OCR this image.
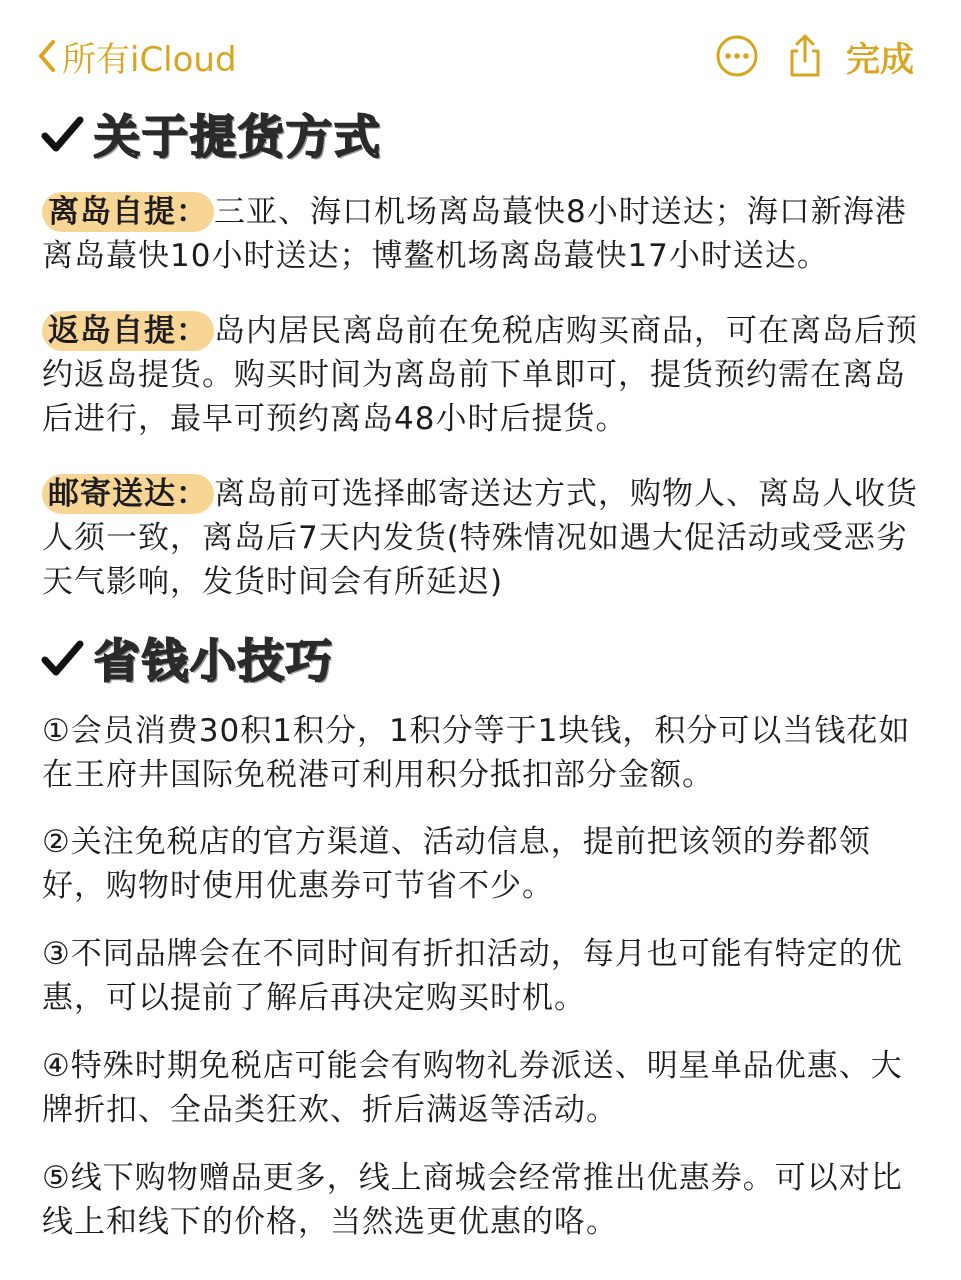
所有iCloud	完成
关于提货方式
离岛自提： 三亚、海口机场离岛蕞快8小时送达；海口新海港离岛蕞快10小时送达；博鳌机场离岛蕞快17小时送达。
返岛自提： 岛内居民离岛前在免税店购买商品，可在离岛后预约返岛提货。购买时间为离岛前下单即可，提货预约需在离岛后进行，最早可预约离岛48小时后提货。
邮寄送达： 离岛前可选择邮寄送达方式，购物人、离岛人收货人须一致，离岛后7天内发货(特殊情况如遇大促活动或受恶劣天气影响，发货时间会有所延迟)
省钱小技巧
①会员消费30积1积分，1积分等于1块钱，积分可以当钱花如在王府井国际免税港可利用积分抵扣部分金额。
②关注免税店的官方渠道、活动信息，提前把该领的券都领好，购物时使用优惠券可节省不少。
③不同品牌会在不同时间有折扣活动，每月也可能有特定的优惠，可以提前了解后再决定购买时机。
④特殊时期免税店可能会有购物礼券派送、明星单品优惠、大牌折扣、全品类狂欢、折后满返等活动。
⑤线下购物赠品更多，线上商城会经常推出优惠券。可以对比线上和线下的价格，当然选更优惠的咯。
